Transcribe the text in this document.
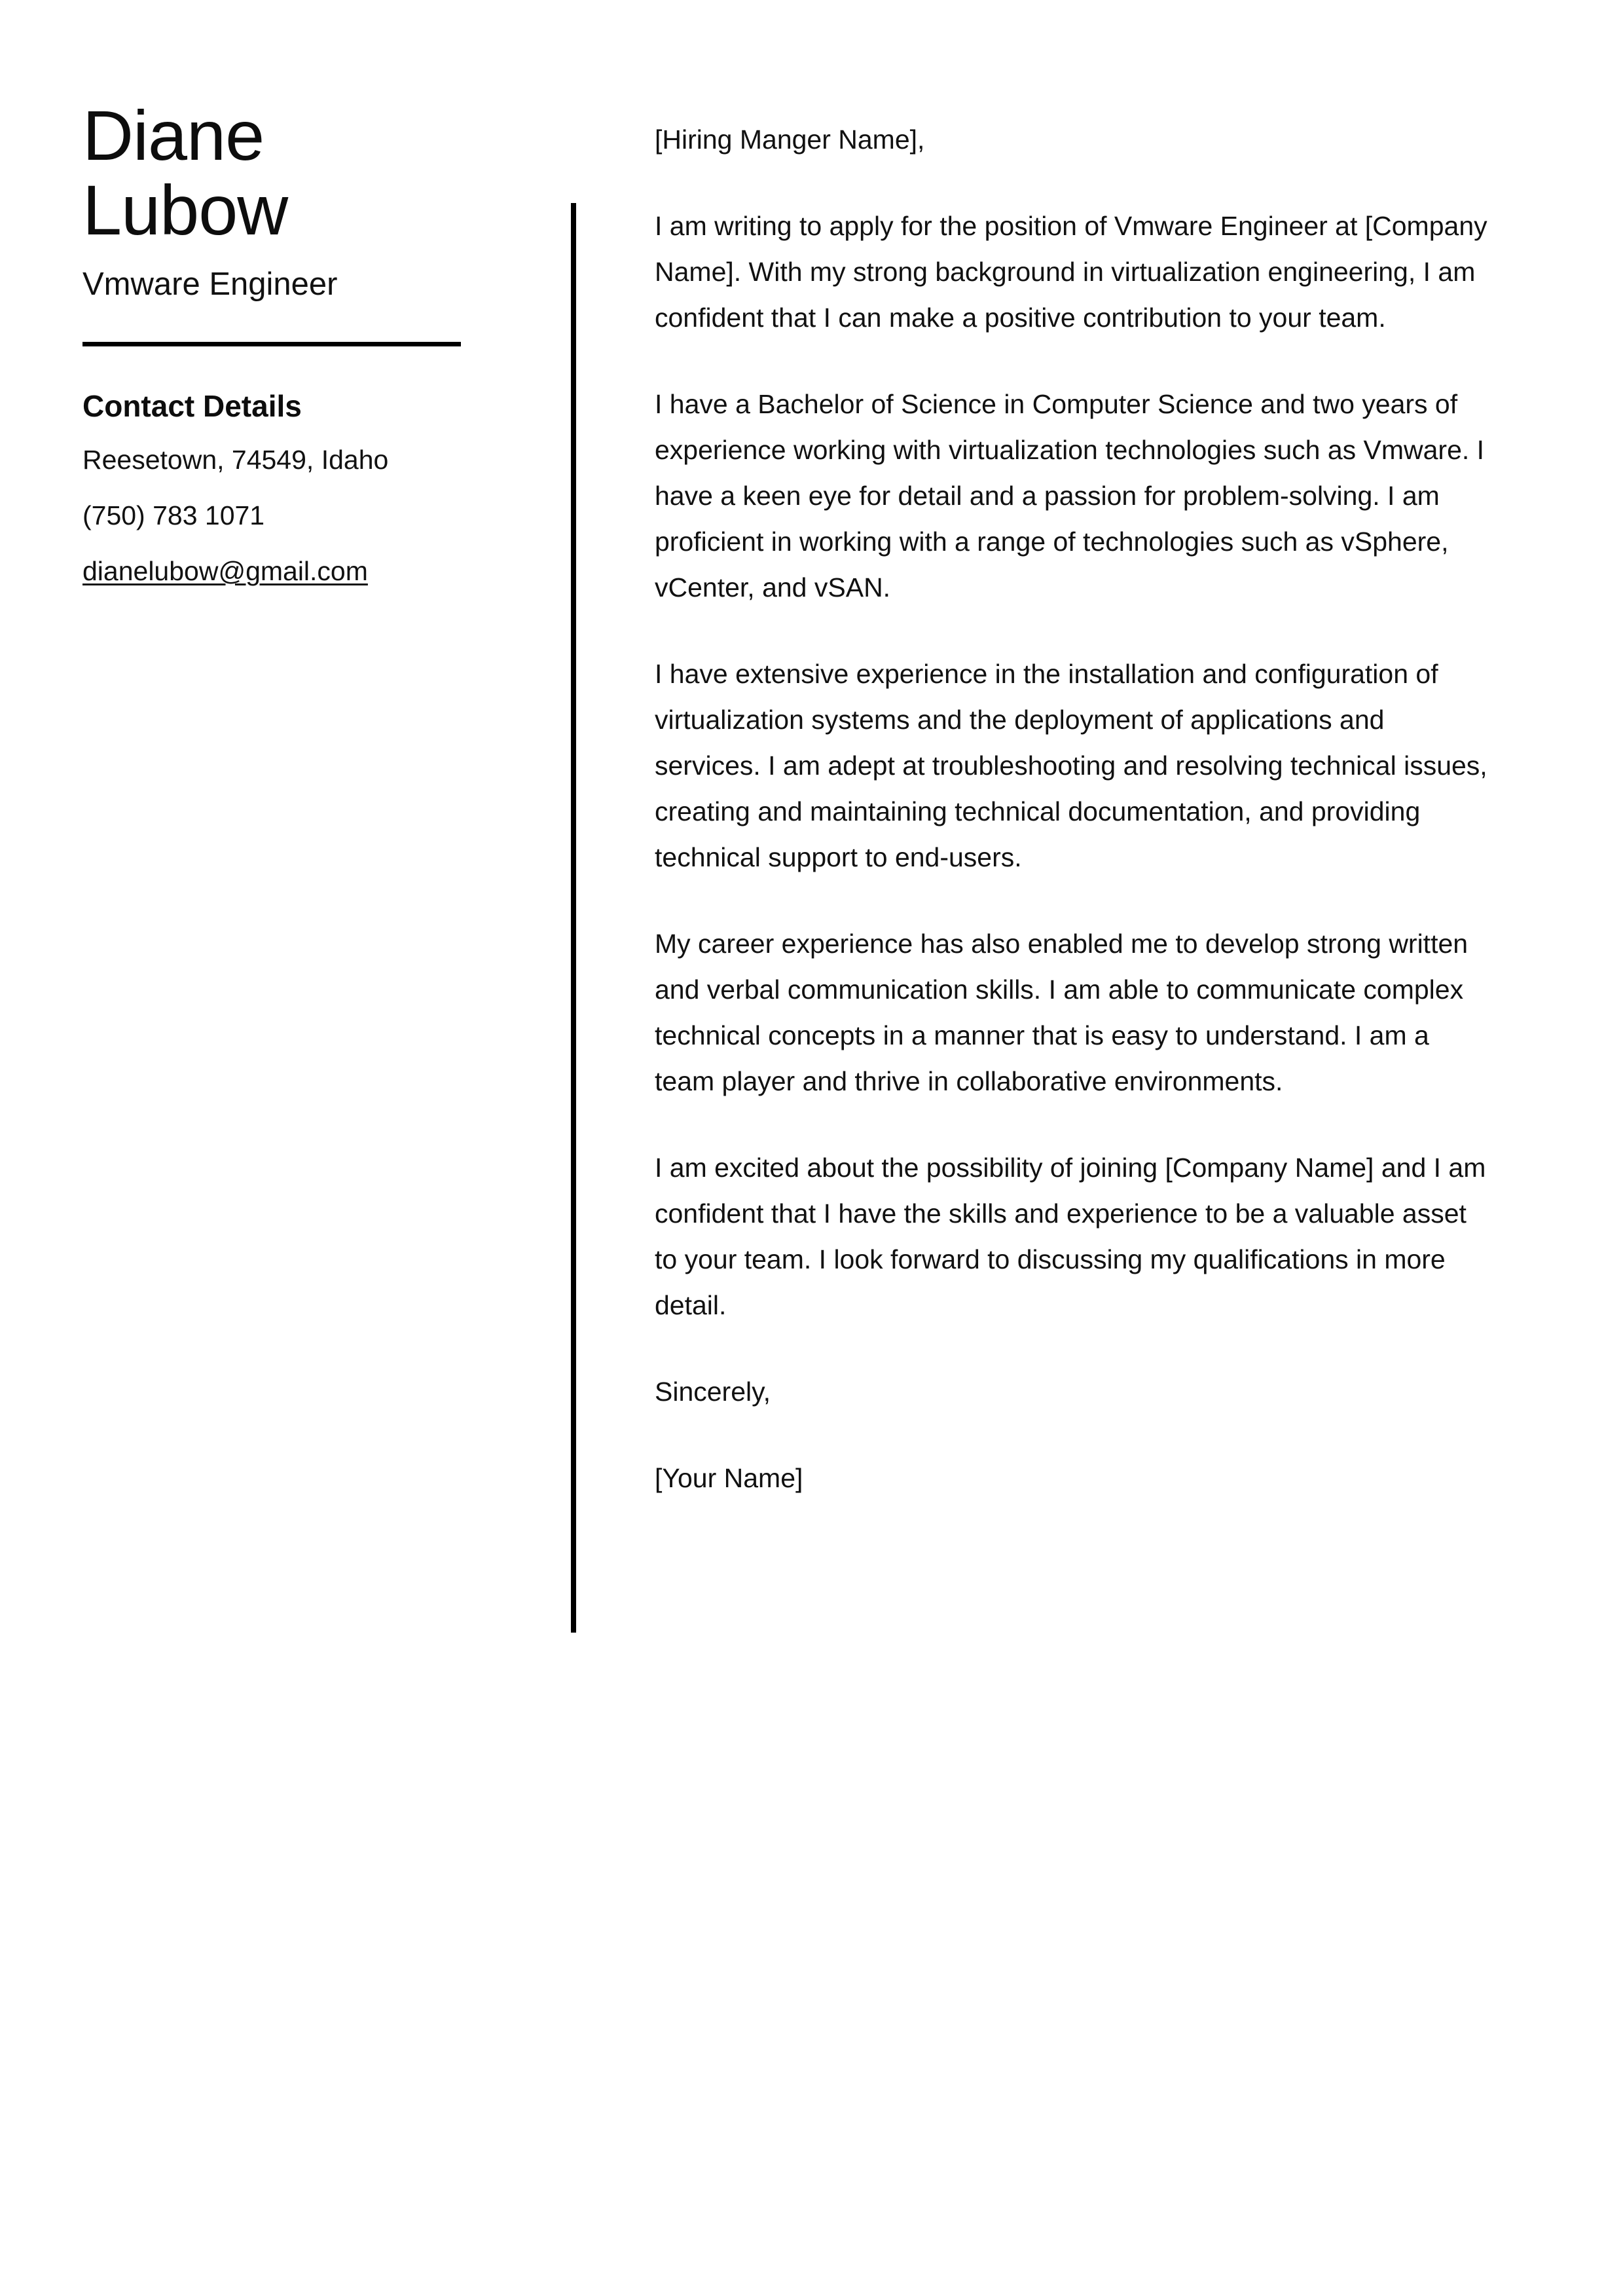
Diane
Lubow
Vmware Engineer
Contact Details
Reesetown, 74549, Idaho
(750) 783 1071
dianelubow@gmail.com

[Hiring Manger Name],

I am writing to apply for the position of Vmware Engineer at [Company Name]. With my strong background in virtualization engineering, I am confident that I can make a positive contribution to your team.

I have a Bachelor of Science in Computer Science and two years of experience working with virtualization technologies such as Vmware. I have a keen eye for detail and a passion for problem-solving. I am proficient in working with a range of technologies such as vSphere, vCenter, and vSAN.

I have extensive experience in the installation and configuration of virtualization systems and the deployment of applications and services. I am adept at troubleshooting and resolving technical issues, creating and maintaining technical documentation, and providing technical support to end-users.

My career experience has also enabled me to develop strong written and verbal communication skills. I am able to communicate complex technical concepts in a manner that is easy to understand. I am a team player and thrive in collaborative environments.

I am excited about the possibility of joining [Company Name] and I am confident that I have the skills and experience to be a valuable asset to your team. I look forward to discussing my qualifications in more detail.

Sincerely,

[Your Name]
